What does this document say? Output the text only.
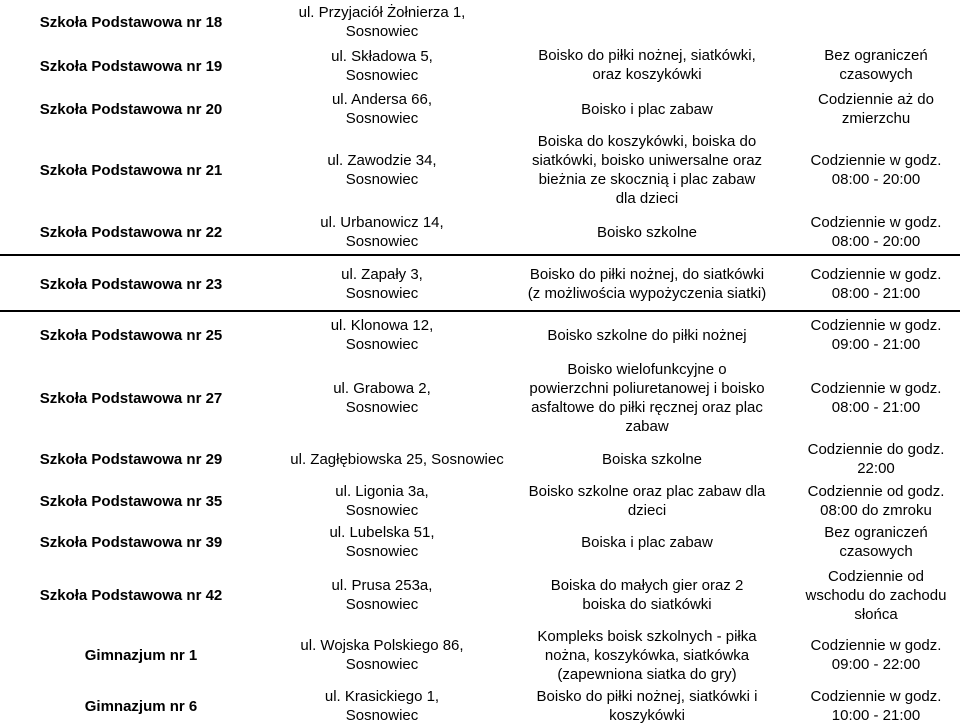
Szkoła Podstawowa nr 18
ul. Przyjaciół Żołnierza 1,
Sosnowiec
Szkoła Podstawowa nr 19
ul. Składowa 5,
Sosnowiec
Boisko do piłki nożnej, siatkówki,
oraz koszykówki
Bez ograniczeń
czasowych
Szkoła Podstawowa nr 20
ul. Andersa 66,
Sosnowiec
Boisko i plac zabaw
Codziennie aż do
zmierzchu
Szkoła Podstawowa nr 21
ul. Zawodzie 34,
Sosnowiec
Boiska do koszykówki, boiska do
siatkówki, boisko uniwersalne oraz
bieżnia ze skocznią i plac zabaw
dla dzieci
Codziennie w godz.
08:00 - 20:00
Szkoła Podstawowa nr 22
ul. Urbanowicz 14,
Sosnowiec
Boisko szkolne
Codziennie w godz.
08:00 - 20:00
Szkoła Podstawowa nr 23
ul. Zapały 3,
Sosnowiec
Boisko do piłki nożnej, do siatkówki
(z możliwościa wypożyczenia siatki)
Codziennie w godz.
08:00 - 21:00
Szkoła Podstawowa nr 25
ul. Klonowa 12,
Sosnowiec
Boisko szkolne do piłki nożnej
Codziennie w godz.
09:00 - 21:00
Szkoła Podstawowa nr 27
ul. Grabowa 2,
Sosnowiec
Boisko wielofunkcyjne o
powierzchni poliuretanowej i boisko
asfaltowe do piłki ręcznej oraz plac
zabaw
Codziennie w godz.
08:00 - 21:00
Szkoła Podstawowa nr 29	ul. Zagłębiowska 25, Sosnowiec	Boiska szkolne
Codziennie do godz.
22:00
Szkoła Podstawowa nr 35
ul. Ligonia 3a,
Sosnowiec
Boisko szkolne oraz plac zabaw dla
dzieci
Codziennie od godz.
08:00 do zmroku
Szkoła Podstawowa nr 39
ul. Lubelska 51,
Sosnowiec
Boiska i plac zabaw
Bez ograniczeń
czasowych
Szkoła Podstawowa nr 42
ul. Prusa 253a,
Sosnowiec
Boiska do małych gier oraz 2
boiska do siatkówki
Codziennie od
wschodu do zachodu
słońca
Gimnazjum nr 1
ul. Wojska Polskiego 86,
Sosnowiec
Kompleks boisk szkolnych - piłka
nożna, koszykówka, siatkówka
(zapewniona siatka do gry)
Codziennie w godz.
09:00 - 22:00
Gimnazjum nr 6
ul. Krasickiego 1,
Sosnowiec
Boisko do piłki nożnej, siatkówki i
koszykówki
Codziennie w godz.
10:00 - 21:00
